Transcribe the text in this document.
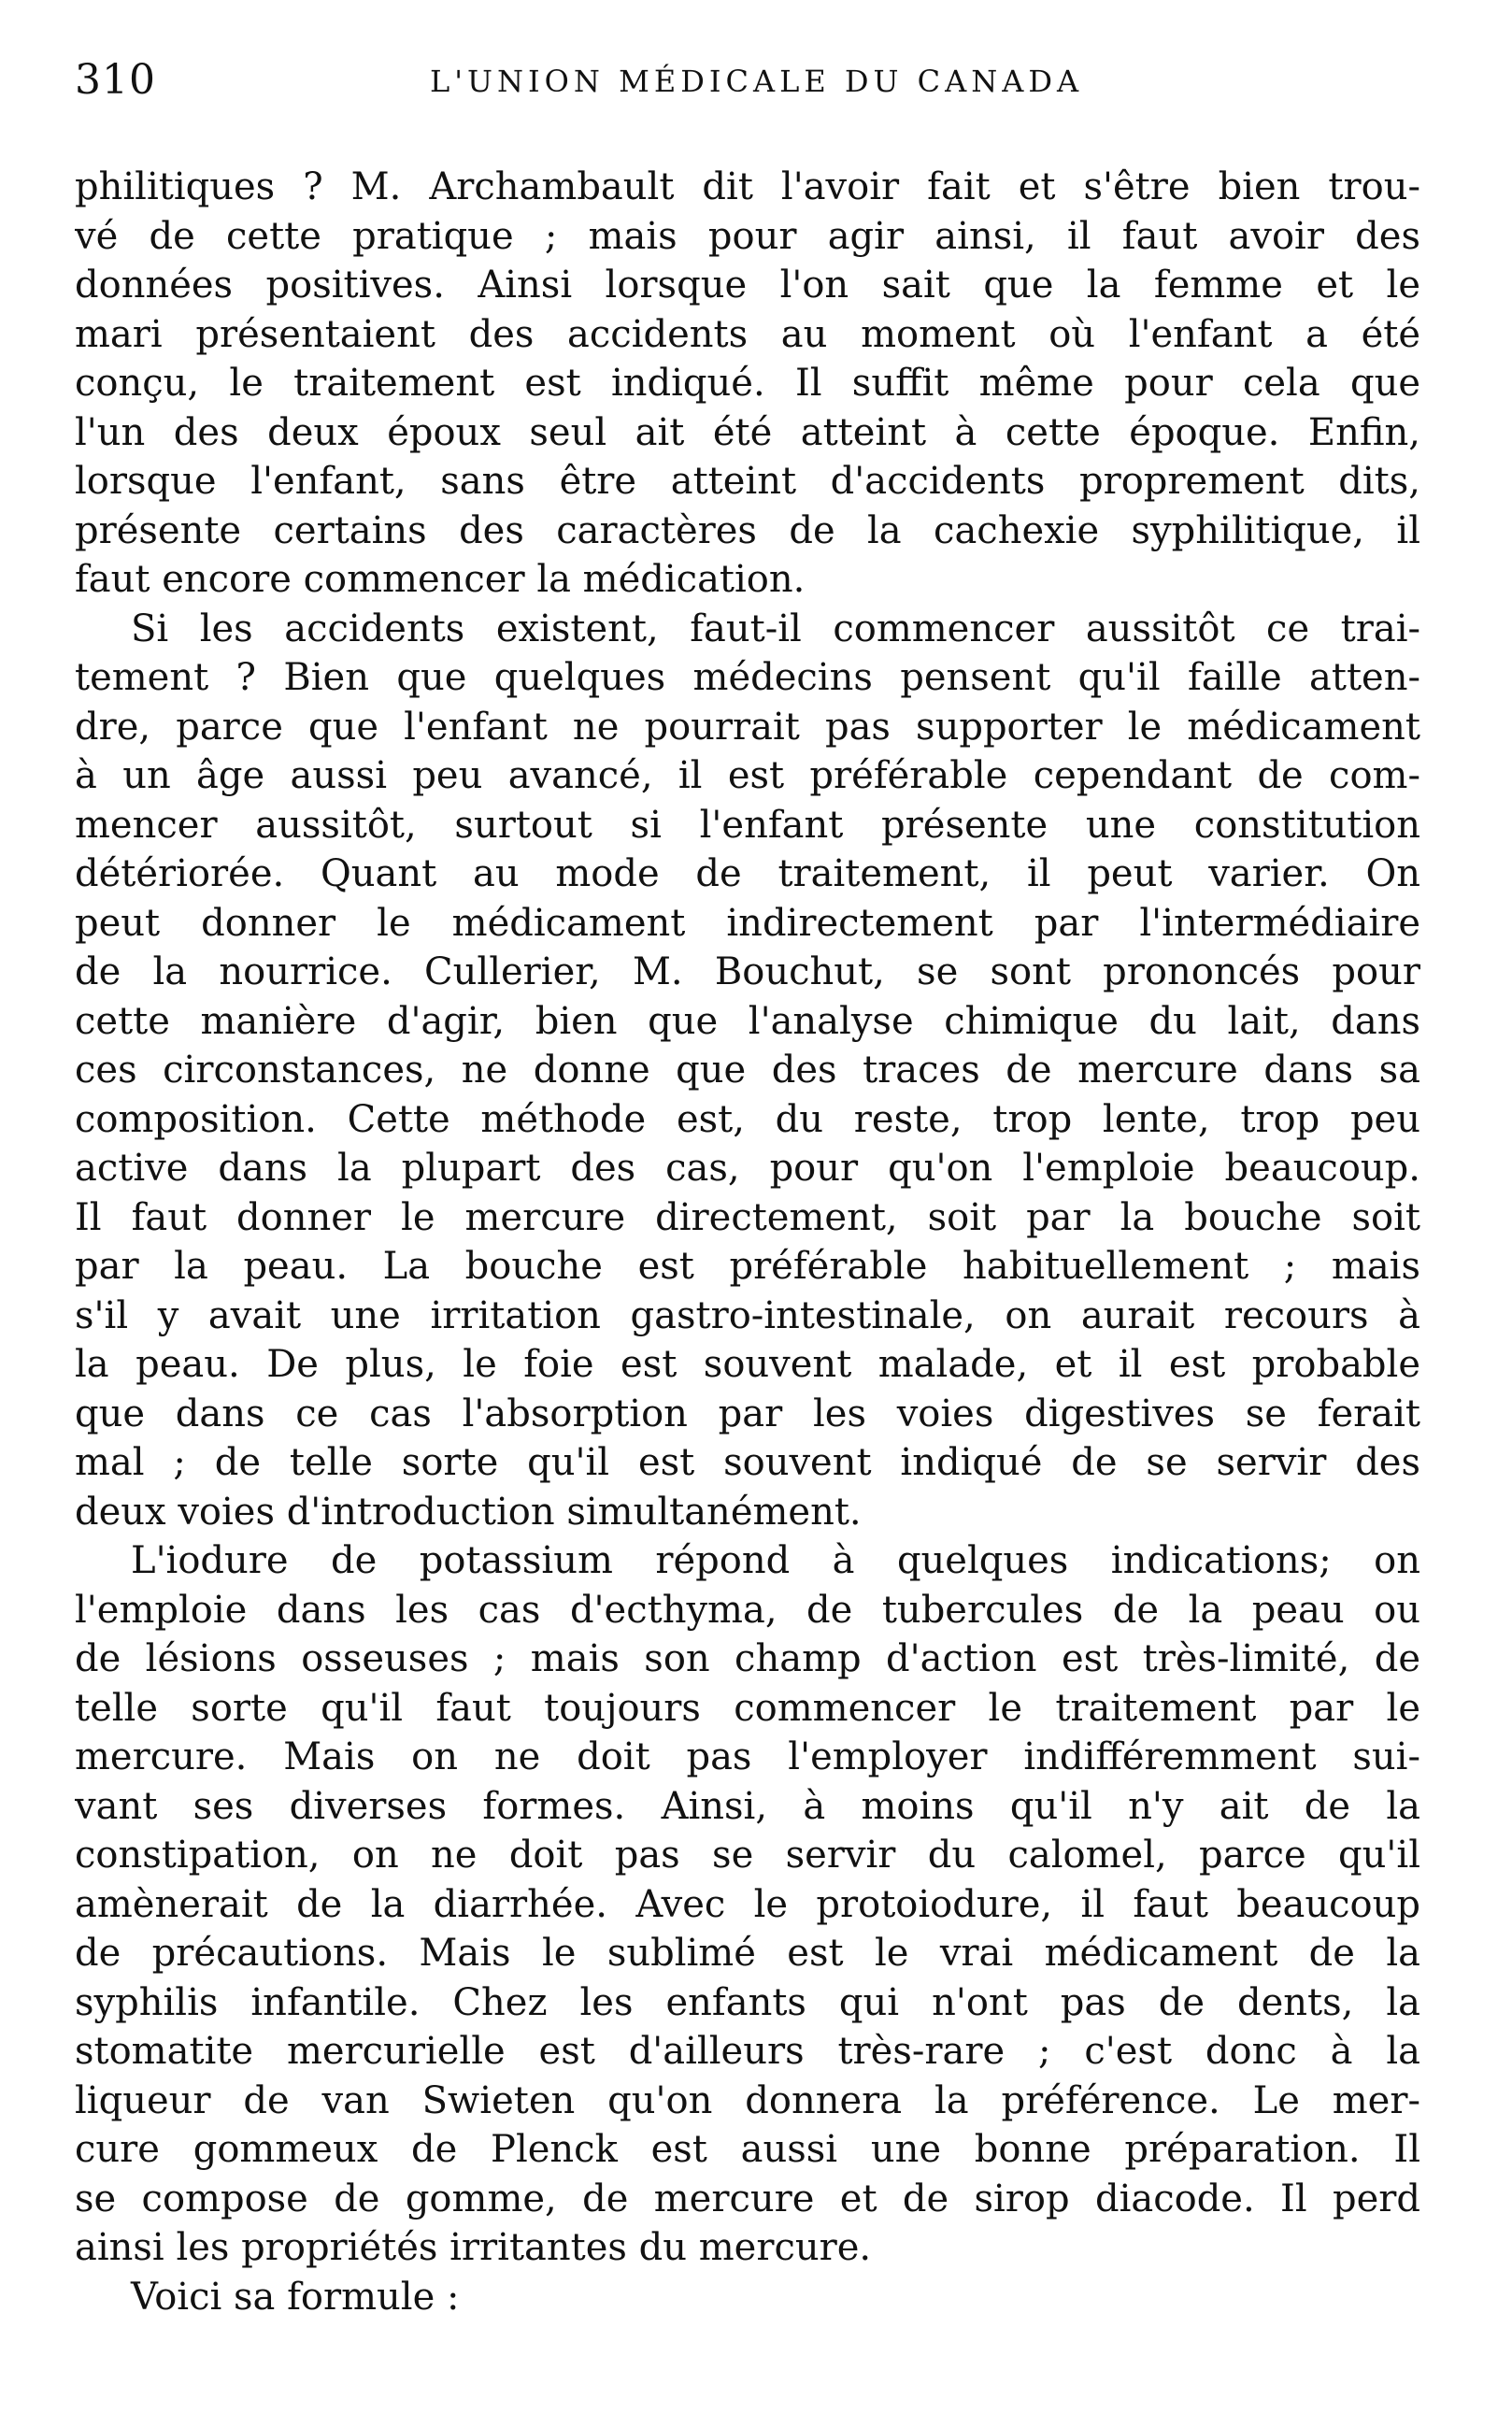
310	L'UNION MÉDICALE DU CANADA
philitiques ? M. Archambault dit l'avoir fait et s'être bien trou-
vé de cette pratique ; mais pour agir ainsi, il faut avoir des
données positives. Ainsi lorsque l'on sait que la femme et le
mari présentaient des accidents au moment où l'enfant a été
conçu, le traitement est indiqué. Il suffit même pour cela que
l'un des deux époux seul ait été atteint à cette époque. Enfin,
lorsque l'enfant, sans être atteint d'accidents proprement dits,
présente certains des caractères de la cachexie syphilitique, il
faut encore commencer la médication.
Si les accidents existent, faut-il commencer aussitôt ce trai-
tement ? Bien que quelques médecins pensent qu'il faille atten-
dre, parce que l'enfant ne pourrait pas supporter le médicament
à un âge aussi peu avancé, il est préférable cependant de com-
mencer aussitôt, surtout si l'enfant présente une constitution
détériorée. Quant au mode de traitement, il peut varier. On
peut donner le médicament indirectement par l'intermédiaire
de la nourrice. Cullerier, M. Bouchut, se sont prononcés pour
cette manière d'agir, bien que l'analyse chimique du lait, dans
ces circonstances, ne donne que des traces de mercure dans sa
composition. Cette méthode est, du reste, trop lente, trop peu
active dans la plupart des cas, pour qu'on l'emploie beaucoup.
Il faut donner le mercure directement, soit par la bouche soit
par la peau. La bouche est préférable habituellement ; mais
s'il y avait une irritation gastro-intestinale, on aurait recours à
la peau. De plus, le foie est souvent malade, et il est probable
que dans ce cas l'absorption par les voies digestives se ferait
mal ; de telle sorte qu'il est souvent indiqué de se servir des
deux voies d'introduction simultanément.
L'iodure de potassium répond à quelques indications; on
l'emploie dans les cas d'ecthyma, de tubercules de la peau ou
de lésions osseuses ; mais son champ d'action est très-limité, de
telle sorte qu'il faut toujours commencer le traitement par le
mercure. Mais on ne doit pas l'employer indifféremment sui-
vant ses diverses formes. Ainsi, à moins qu'il n'y ait de la
constipation, on ne doit pas se servir du calomel, parce qu'il
amènerait de la diarrhée. Avec le protoiodure, il faut beaucoup
de précautions. Mais le sublimé est le vrai médicament de la
syphilis infantile. Chez les enfants qui n'ont pas de dents, la
stomatite mercurielle est d'ailleurs très-rare ; c'est donc à la
liqueur de van Swieten qu'on donnera la préférence. Le mer-
cure gommeux de Plenck est aussi une bonne préparation. Il
se compose de gomme, de mercure et de sirop diacode. Il perd
ainsi les propriétés irritantes du mercure.
Voici sa formule :
